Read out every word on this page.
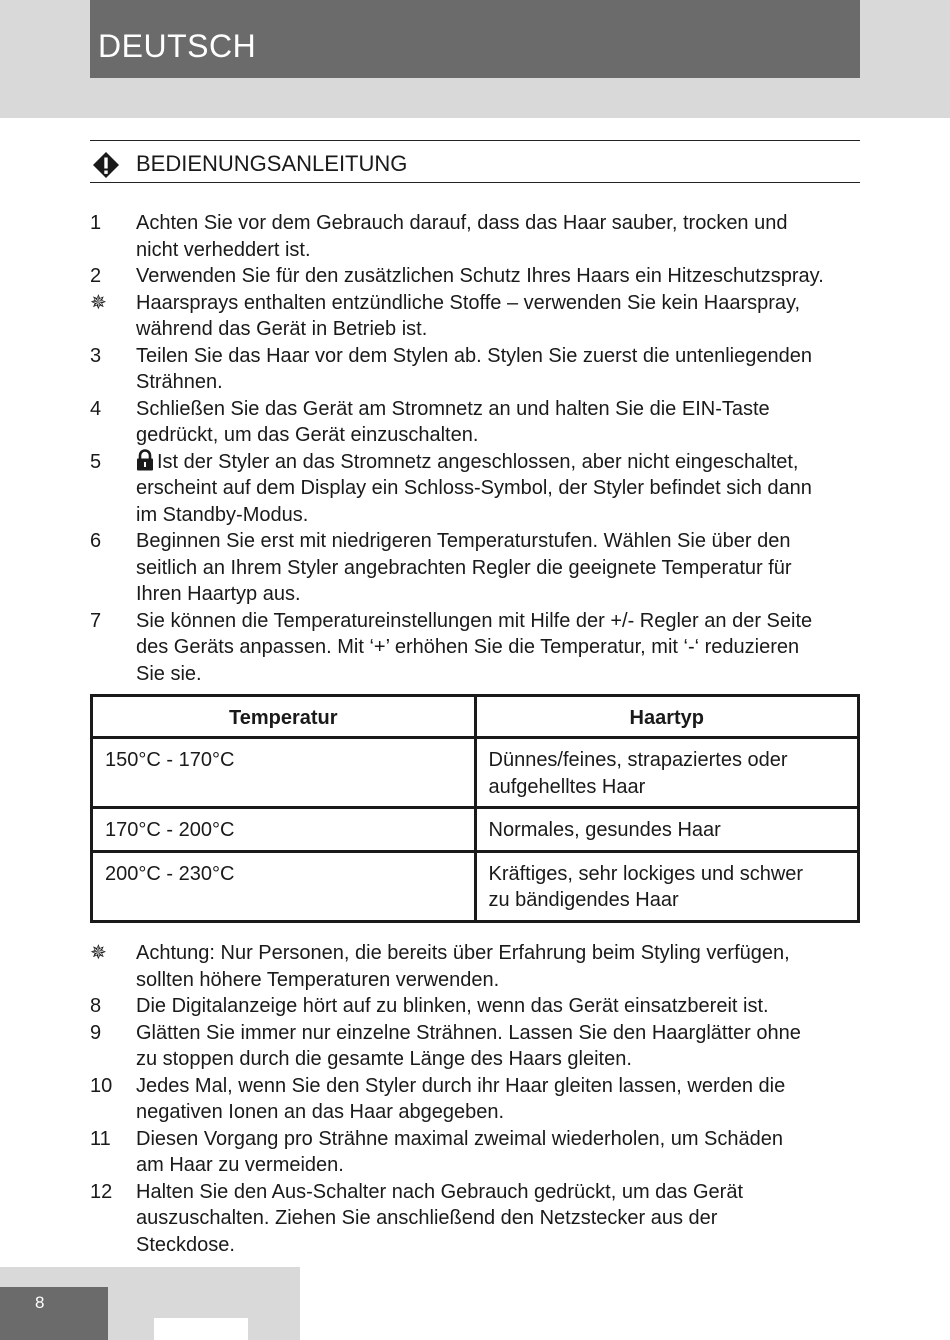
DEUTSCH
BEDIENUNGSANLEITUNG
1	Achten Sie vor dem Gebrauch darauf, dass das Haar sauber, trocken und
nicht verheddert ist.
2	Verwenden Sie für den zusätzlichen Schutz Ihres Haars ein Hitzeschutzspray.
✵	Haarsprays enthalten entzündliche Stoffe – verwenden Sie kein Haarspray,
während das Gerät in Betrieb ist.
3	Teilen Sie das Haar vor dem Stylen ab. Stylen Sie zuerst die untenliegenden
Strähnen.
4	Schließen Sie das Gerät am Stromnetz an und halten Sie die EIN-Taste
gedrückt, um das Gerät einzuschalten.
5	Ist der Styler an das Stromnetz angeschlossen, aber nicht eingeschaltet,
erscheint auf dem Display ein Schloss-Symbol, der Styler befindet sich dann
im Standby-Modus.
6	Beginnen Sie erst mit niedrigeren Temperaturstufen. Wählen Sie über den
seitlich an Ihrem Styler angebrachten Regler die geeignete Temperatur für
Ihren Haartyp aus.
7	Sie können die Temperatureinstellungen mit Hilfe der +/- Regler an der Seite
des Geräts anpassen. Mit ‘+’ erhöhen Sie die Temperatur, mit ‘-‘ reduzieren
Sie sie.
Temperatur	Haartyp
150°C - 170°C	Dünnes/feines, strapaziertes oder
aufgehelltes Haar

170°C - 200°C	Normales, gesundes Haar

200°C - 230°C	Kräftiges, sehr lockiges und schwer
zu bändigendes Haar
✵	Achtung: Nur Personen, die bereits über Erfahrung beim Styling verfügen,
sollten höhere Temperaturen verwenden.
8	Die Digitalanzeige hört auf zu blinken, wenn das Gerät einsatzbereit ist.
9	Glätten Sie immer nur einzelne Strähnen. Lassen Sie den Haarglätter ohne
zu stoppen durch die gesamte Länge des Haars gleiten.
10	Jedes Mal, wenn Sie den Styler durch ihr Haar gleiten lassen, werden die
negativen Ionen an das Haar abgegeben.
11	Diesen Vorgang pro Strähne maximal zweimal wiederholen, um Schäden
am Haar zu vermeiden.
12	Halten Sie den Aus-Schalter nach Gebrauch gedrückt, um das Gerät
auszuschalten. Ziehen Sie anschließend den Netzstecker aus der
Steckdose.
8
